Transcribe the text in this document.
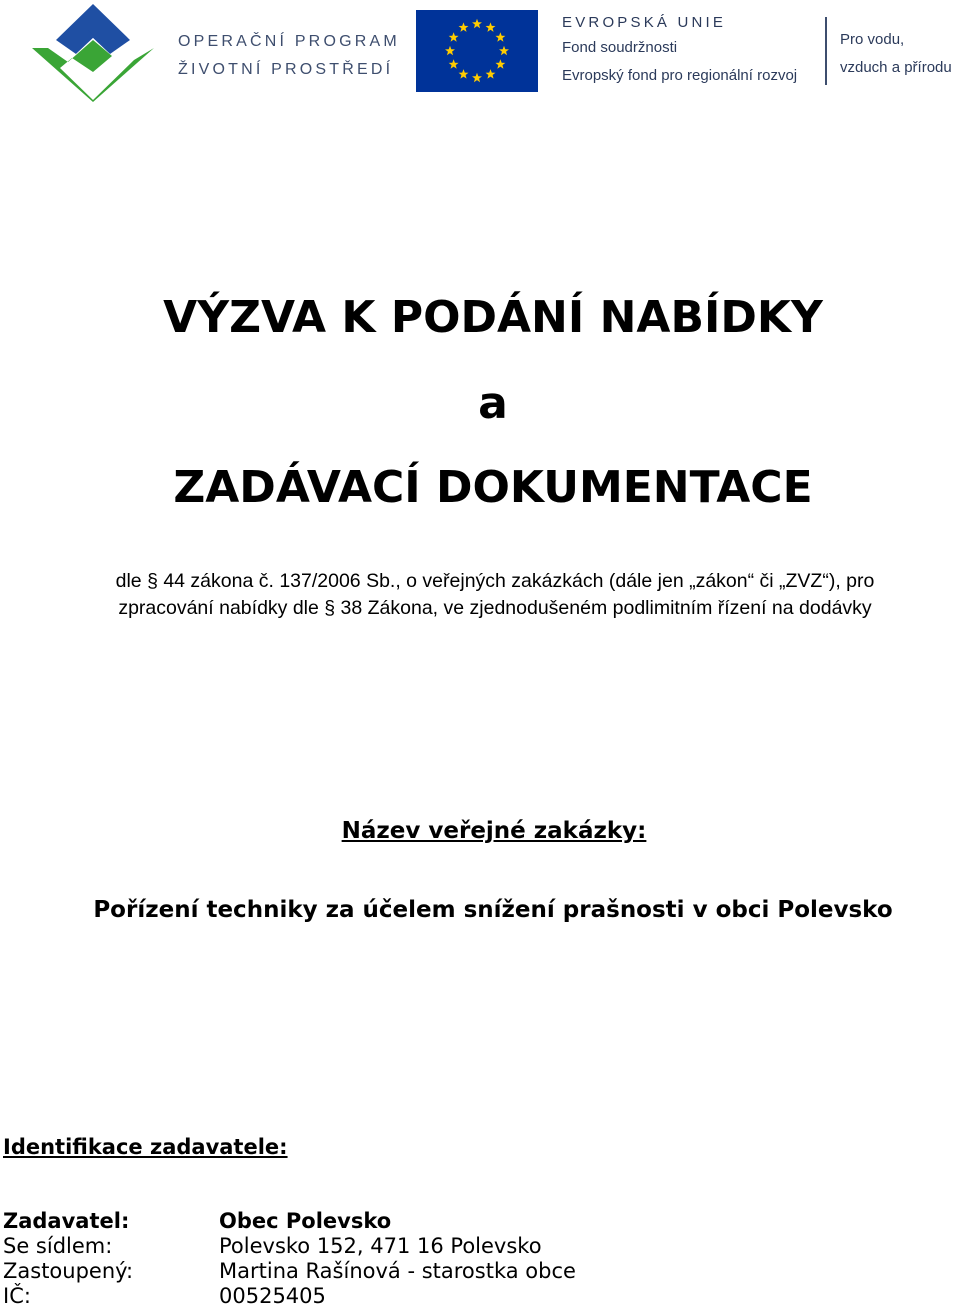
OPERAČNÍ PROGRAM
ŽIVOTNÍ PROSTŘEDÍ
EVROPSKÁ UNIE
Fond soudržnosti
Evropský fond pro regionální rozvoj
Pro vodu,
vzduch a přírodu
VÝZVA K PODÁNÍ NABÍDKY
a
ZADÁVACÍ DOKUMENTACE
dle § 44 zákona č. 137/2006 Sb., o veřejných zakázkách (dále jen „zákon“ či „ZVZ“), pro
zpracování nabídky dle § 38 Zákona, ve zjednodušeném podlimitním řízení na dodávky
Název veřejné zakázky:
Pořízení techniky za účelem snížení prašnosti v obci Polevsko
Identifikace zadavatele:
Zadavatel:	Obec Polevsko
Se sídlem:	Polevsko 152, 471 16 Polevsko
Zastoupený:	Martina Rašínová - starostka obce
IČ:	00525405
